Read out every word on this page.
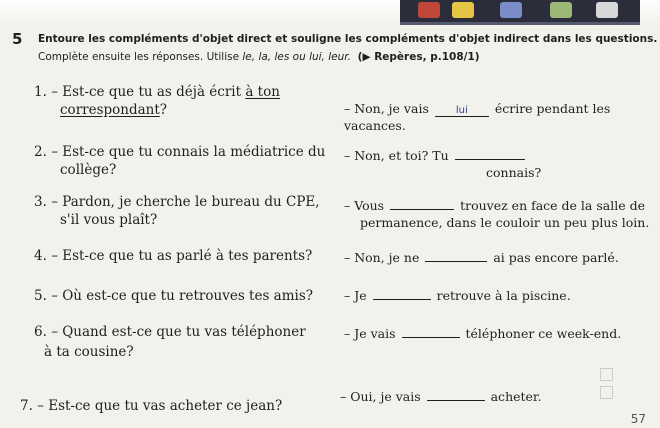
5 Entoure les compléments d'objet direct et souligne les compléments d'objet indirect dans les questions.
Complète ensuite les réponses. Utilise le, la, les ou lui, leur. (▶ Repères, p.108/1)
1. – Est-ce que tu as déjà écrit à ton
correspondant?	– Non, je vais	lui écrire pendant les
vacances.
2. – Est-ce que tu connais la médiatrice du
collège?
– Non, et toi? Tu
connais?
3. – Pardon, je cherche le bureau du CPE,
s'il vous plaît?
– Vous	trouvez en face de la salle de
permanence, dans le couloir un peu plus loin.
4. – Est-ce que tu as parlé à tes parents?	– Non, je ne	ai pas encore parlé.
5. – Où est-ce que tu retrouves tes amis? – Je	retrouve à la piscine.
6. – Quand est-ce que tu vas téléphoner
à ta cousine?
– Je vais	téléphoner ce week-end.
7. – Est-ce que tu vas acheter ce jean?
– Oui, je vais	acheter.
57
